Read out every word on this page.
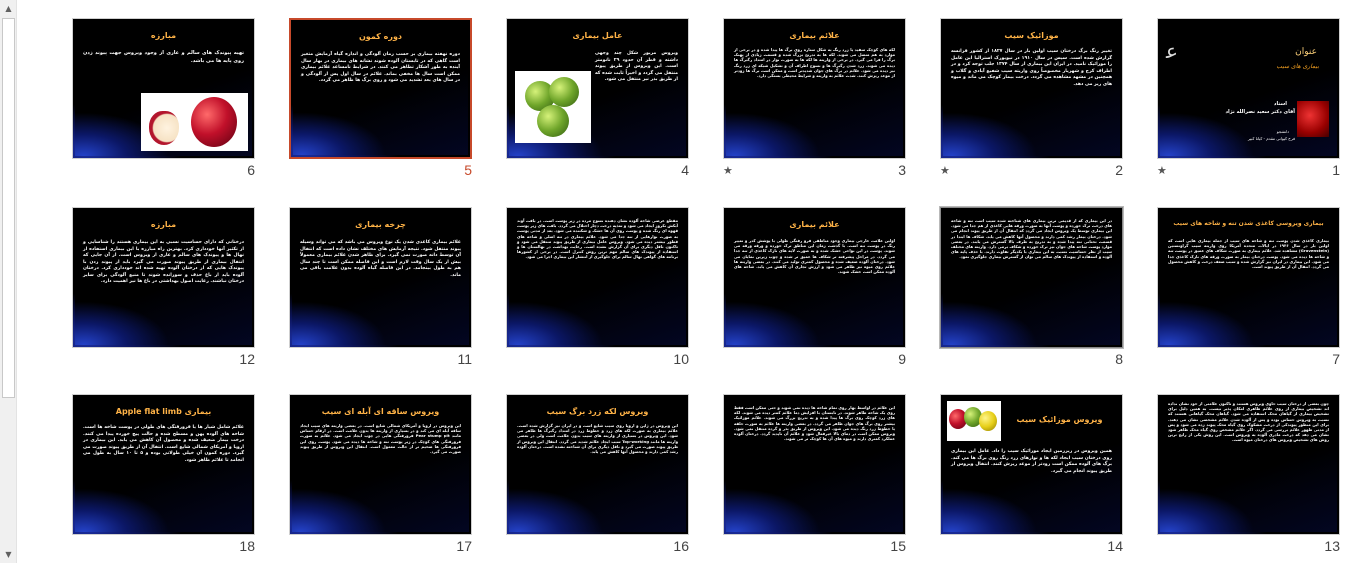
▲
▼
ﻋ	عنوان
بیماری های سیب
استاد
آقای دکتر سعید نصرالله نژاد
دانشجو
فرح کیوانی مقدم - کیانا کبیر
★	1
موزائیک سیب
تغییر رنگ برگ درختان سیب اولین بار در سال ۱۸۲۷ از کشور فرانسه گزارش شده است. سپس در سال ۱۹۱۰ در نیویورک استرالیا این عامل را موزائیک نامید. در ایران این بیماری از سال ۱۳۷۴ جلب توجه کرد و در اطراف کرج و شهریار مخصوصاً روی واریته سیب شفیع آبادی و گلاب و همچنین در مشهد مشاهده می گردد. درخت بیمار کوچک می ماند و میوه های ریز می دهد.
★	2
علائم بیماری
لکه های کوچک سفید یا زرد رنگ به شکل ستاره روی برگ ها پیدا شده و در برخی از موارد به هم متصل می شوند. لکه ها به تدریج بزرگ شده و قسمت زیادی از پهنک برگ را فرا می گیرد. در برخی از واریته ها لکه ها به صورت نوار در امتداد رگبرگ ها دیده می شوند. زرد شدن رگبرگ ها و نسوج اطراف آن و تشکیل شبکه ای زرد رنگ نیز دیده می شود. علائم در برگ های جوان شدیدتر است و ممکن است برگ ها زودتر از موعد ریزش کنند. شدت علائم به واریته و شرایط محیطی بستگی دارد.
★	3
عامل بیماری
ویروس مزبور شکل چند وجهی داشته و قطر آن حدود ۲۹ نانومتر است. این ویروس از طریق پیوند منتقل می گردد و اخیراً ثابت شده که از طریق بذر نیز منتقل می شود.
4
دوره کمون
دوره نهفته بیماری بر حسب زمان آلودگی و اندازه گیاه آزمایش متغیر است گاهی که در تابستان آلوده شوند نشانه های بیماری در بهار سال آینده به طور آشکار تظاهر می کنند. در شرایط نامساعد علائم بیماری ممکن است سال ها مخفی بماند. علائم در سال اول پس از آلودگی و در سال های بعد تشدید می شود و روی برگ ها ظاهر می گردد.
5
مبارزه
تهیه پیوندک های سالم و عاری از وجود ویروس جهت پیوند زدن روی پایه ها می باشد.
6
بیماری ویروسی کاغذی شدن تنه و شاخه های سیب
بیماری کاغذی شدن پوست تنه و شاخه های سیب از جمله بیماری هایی است که اولین بار در سال ۱۹۴۶ در ایالات متحده آمریکا روی واریته سیب گراونستین (Gravenstein) مشاهده شد. علائم بیماری به صورت شکاف های عمیق در پوست تنه و شاخه ها دیده می شود. پوست درختان بیمار به صورت ورقه های نازک کاغذی جدا می شود. این بیماری در ایران نیز گزارش شده و سبب ضعف درخت و کاهش محصول می گردد. انتقال آن از طریق پیوند است.
7
در این بیماری که از قدیمی ترین بیماری های شناخته شده سیب است تنه و شاخه های درخت ترک خورده و پوست آنها به صورت ورقه هایی کاغذی از هم جدا می شود. این بیماری توسط یک ویروس ایجاد می گردد که انتقال آن از طریق پیوند انجام می شود. درختان بیمار رشد کمی دارند و محصول آنها کاهش می یابد. شکاف ها ابتدا در قسمت تحتانی تنه پیدا شده و به تدریج به طرف بالا گسترش می یابند. در بعضی موارد پوست شاخه های جوان نیز ترک خورده و شکاف برمی دارد. واریته های مختلف سیب از نظر حساسیت نسبت به این بیماری با یکدیگر تفاوت دارند. با حذف پایه های آلوده و استفاده از پیوندک های سالم می توان از گسترش بیماری جلوگیری نمود.
8
علائم بیماری
اولین علامت خارجی بیماری وجود مناطقی فرو رفتگی طولی با پوشش کدر و تغییر رنگ در پوست تنه است. با گذشت زمان این مناطق ترک خورده و ورقه ورقه می شوند. پوست در این نواحی خشک شده و به صورت لایه های نازک کاغذی از تنه جدا می گردد. در مراحل پیشرفته تر شکاف ها عمیق تر شده و چوب زیرین نمایان می شود. درختان آلوده ضعیف شده و محصول کمتری تولید می کنند. در بعضی واریته ها علائم روی میوه نیز ظاهر می شود و ارزش تجاری آن کاهش می یابد. شاخه های آلوده ممکن است خشک شوند.
9
مقطع عرضی شاخه آلوده نشان دهنده نسوج مرده در زیر پوست است. در بافت آوند آبکش نکروز ایجاد می شود و تغذیه درخت دچار اختلال می گردد. بافت های زیر پوست قهوه ای رنگ شده و پوست روی آن ها خشک و شکننده می شود. بعد از مدتی پوست به صورت نوارهایی از تنه جدا می شود. علائم بیماری در تنه اصلی و شاخه های قطور بیشتر دیده می شود. ویروس عامل بیماری از طریق پیوند منتقل می شود و تاکنون ناقل دیگری برای آن گزارش نشده است. رعایت بهداشت در نهالستان ها و استفاده از پیوندک های سالم مهم ترین روش کنترل است. در برخی از کشورها برنامه های گواهی نهال سالم برای جلوگیری از انتشار این بیماری اجرا می شود.
10
چرخه بیماری
علائم بیماری کاغذی شدن یک نوع ویروس می باشد که می تواند وسیله پیوند منتقل شود. نتیجه آزمایش های مختلف نشان داده است که انتقال آن توسط دانه صورت نمی گیرد. برای ظاهر شدن علائم بیماری معمولاً بیش از یک سال وقت لازم است و این فاصله ممکن است تا چند سال هم به طول بینجامد. در این فاصله گیاه آلوده بدون علامت باقی می ماند.
11
مبارزه
درختانی که دارای حساسیت نسبی به این بیماری هستند را شناسایی و از تکثیر آنها خودداری کرد. بهترین راه مبارزه با این بیماری استفاده از نهال ها و پیوندک های سالم و عاری از ویروس است. از آن جایی که انتقال بیماری از طریق پیوند صورت می گیرد باید از پیوند زدن با پیوندک هایی که از درختان آلوده تهیه شده اند خودداری کرد. درختان آلوده باید از باغ حذف و سوزانده شوند تا منبع آلودگی برای سایر درختان نباشند. رعایت اصول بهداشتی در باغ ها نیز اهمیت دارد.
12
چون بعضی از درختان سیب حاوی ویروس هستند و تاکنون علامتی از خود نشان نداده اند تشخیص بیماری از روی علائم ظاهری امکان پذیر نیست. به همین دلیل برای تشخیص بیماری از گیاهان محک استفاده می شود. گیاهان محک گیاهانی هستند که نسبت به ویروس حساس بوده و پس از آلوده شدن علائم مشخصی نشان می دهند. برای این منظور پیوندکی از درخت مشکوک روی گیاه محک پیوند زده می شود و پس از مدتی ظهور علائم بررسی می گردد. اگر علائم مشخص روی گیاه محک ظاهر شود نشان می دهد که درخت مادری آلوده به ویروس است. این روش یکی از رایج ترین روش های تشخیص ویروس های درختان میوه است.
13
ویروس موزائیک سیب
همین ویروس در زیرزمین ایجاد موزائیک سیب را داد. عامل این بیماری روی درختان سیب ایجاد لکه ها و نوارهای زرد رنگ روی برگ ها می کند. برگ های آلوده ممکن است زودتر از موعد ریزش کنند. انتقال ویروس از طریق پیوند انجام می گیرد.
14
این علائم در اواسط بهار روی تمام شاخه ها دیده نمی شوند و حتی ممکن است فقط روی یک شاخه ظاهر شوند. در تابستان با افزایش دما علائم کمتر دیده می شوند. لکه های زرد کوچک روی برگ ها پیدا شده و به تدریج بزرگ می شوند. علائم موزائیک بیشتر روی برگ های جوان ظاهر می گردد. در بعضی واریته ها علائم به صورت حلقه یا خطوط زرد رنگ دیده می شود. این ویروس از طریق بذر و گرده منتقل نمی شود. ویروس ممکن است در دمای بالا غیرفعال شود و علائم آن ناپدید گردد. درختان آلوده عملکرد کمتری دارند و میوه های آن ها کوچک تر می شوند.
15
ویروس لکه زرد برگ سیب
این ویروس در ژاپن و اروپا روی سیب شایع است و در ایران نیز گزارش شده است. علائم بیماری به صورت لکه های زرد و خطوط زرد در امتداد رگبرگ ها ظاهر می شود. این ویروس در بسیاری از واریته های سیب بدون علامت است ولی در بعضی واریته ها مانند Top-working سبب ایجاد علائم شدید می گردد. انتقال این ویروس از طریق پیوند صورت می گیرد و ناقل دیگری برای آن شناخته نشده است. درختان آلوده رشد کمی دارند و محصول آنها کاهش می یابد.
16
ویروس ساقه ای آبله ای سیب
این ویروس در اروپا و آمریکای شمالی شایع است. در بعضی واریته های سیب ایجاد ساقه آبله ای می کند و در بسیاری از واریته ها بدون علامت است. در ارقام حساس مانند Pear stump pit فرورفتگی هایی در چوب ایجاد می شود. علائم به صورت فرورفتگی های کوچک در زیر پوست تنه و شاخه ها دیده می شود. پوست روی این فرورفتگی ها ضخیم تر از حالت معمول است. انتقال این ویروس از طریق پیوند صورت می گیرد.
17
بیماری Apple flat limb
علائم شامل شیار ها یا فرورفتگی های طولی در پوست شاخه ها است. شاخه های آلوده پهن و مسطح شده و حالت پیچ خورده پیدا می کنند. درخت بیمار ضعیف شده و محصول آن کاهش می یابد. این بیماری در اروپا و آمریکای شمالی شایع است. انتقال آن از طریق پیوند صورت می گیرد. دوره کمون آن خیلی طولانی بوده و ۵ تا ۱۰ سال به طول می انجامد تا علائم ظاهر شود.
18
